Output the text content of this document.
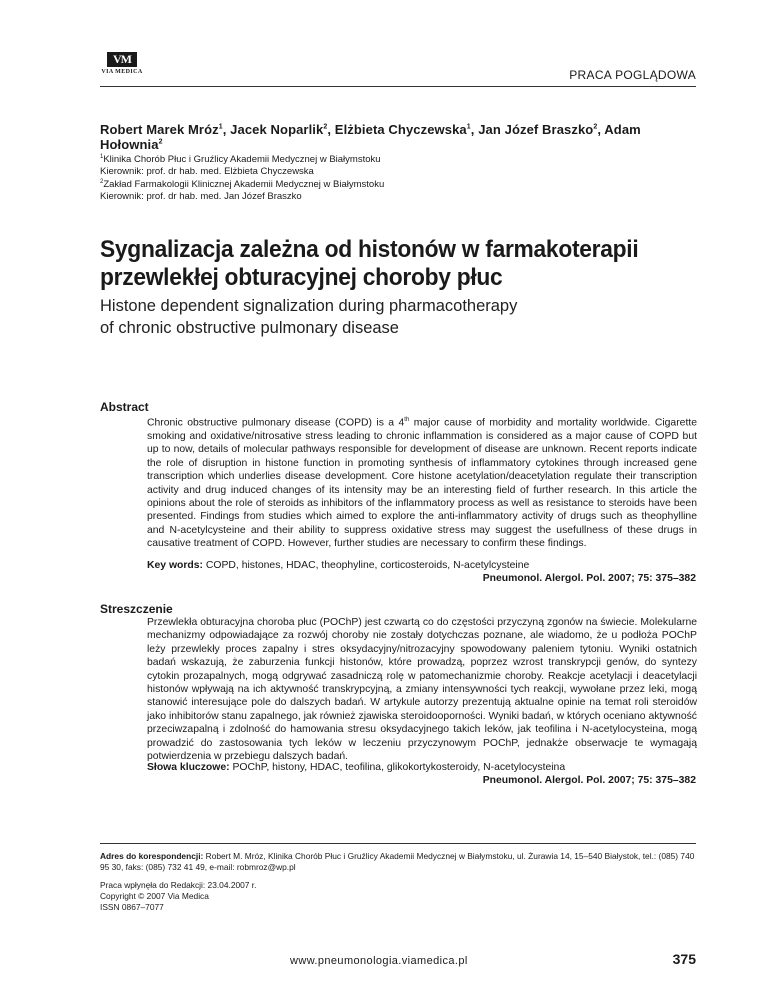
VM
VIA MEDICA	PRACA POGLĄDOWA
Robert Marek Mróz$^1$, Jacek Noparlik$^2$, Elżbieta Chyczewska$^1$, Jan Józef Braszko$^2$, Adam Hołownia$^2$
$^1$Klinika Chorób Płuc i Gruźlicy Akademii Medycznej w Białymstoku
Kierownik: prof. dr hab. med. Elżbieta Chyczewska
$^2$Zakład Farmakologii Klinicznej Akademii Medycznej w Białymstoku
Kierownik: prof. dr hab. med. Jan Józef Braszko
Sygnalizacja zależna od histonów w farmakoterapii
przewlekłej obturacyjnej choroby płuc
Histone dependent signalization during pharmacotherapy
of chronic obstructive pulmonary disease
Abstract
Chronic obstructive pulmonary disease (COPD) is a 4th major cause of morbidity and mortality worldwide. Cigarette smoking and oxidative/nitrosative stress leading to chronic inflammation is considered as a major cause of COPD but up to now, details of molecular pathways responsible for development of disease are unknown. Recent reports indicate the role of disruption in histone function in promoting synthesis of inflammatory cytokines through increased gene transcription which underlies disease development. Core histone acetylation/deacetylation regulate their transcription activity and drug induced changes of its intensity may be an interesting field of further research. In this article the opinions about the role of steroids as inhibitors of the inflammatory process as well as resistance to steroids have been presented. Findings from studies which aimed to explore the anti-inflammatory activity of drugs such as theophylline and N-acetylcysteine and their ability to suppress oxidative stress may suggest the usefullness of these drugs in causative treatment of COPD. However, further studies are necessary to confirm these findings.
Key words: COPD, histones, HDAC, theophyline, corticosteroids, N-acetylcysteine
Pneumonol. Alergol. Pol. 2007; 75: 375–382
Streszczenie
Przewlekła obturacyjna choroba płuc (POChP) jest czwartą co do częstości przyczyną zgonów na świecie. Molekularne mechanizmy odpowiadające za rozwój choroby nie zostały dotychczas poznane, ale wiadomo, że u podłoża POChP leży przewlekły proces zapalny i stres oksydacyjny/nitrozacyjny spowodowany paleniem tytoniu. Wyniki ostatnich badań wskazują, że zaburzenia funkcji histonów, które prowadzą, poprzez wzrost transkrypcji genów, do syntezy cytokin prozapalnych, mogą odgrywać zasadniczą rolę w patomechanizmie choroby. Reakcje acetylacji i deacetylacji histonów wpływają na ich aktywność transkrypcyjną, a zmiany intensywności tych reakcji, wywołane przez leki, mogą stanowić interesujące pole do dalszych badań. W artykule autorzy prezentują aktualne opinie na temat roli steroidów jako inhibitorów stanu zapalnego, jak również zjawiska steroidooporności. Wyniki badań, w których oceniano aktywność przeciwzapalną i zdolność do hamowania stresu oksydacyjnego takich leków, jak teofilina i N-acetylocysteina, mogą prowadzić do zastosowania tych leków w leczeniu przyczynowym POChP, jednakże obserwacje te wymagają potwierdzenia w przebiegu dalszych badań.
Słowa kluczowe: POChP, histony, HDAC, teofilina, glikokortykosteroidy, N-acetylocysteina
Pneumonol. Alergol. Pol. 2007; 75: 375–382
Adres do korespondencji: Robert M. Mróz, Klinika Chorób Płuc i Gruźlicy Akademii Medycznej w Białymstoku, ul. Żurawia 14, 15–540 Białystok, tel.: (085) 740 95 30, faks: (085) 732 41 49, e-mail: robmroz@wp.pl
Praca wpłynęła do Redakcji: 23.04.2007 r.
Copyright © 2007 Via Medica
ISSN 0867–7077
www.pneumonologia.viamedica.pl	375
